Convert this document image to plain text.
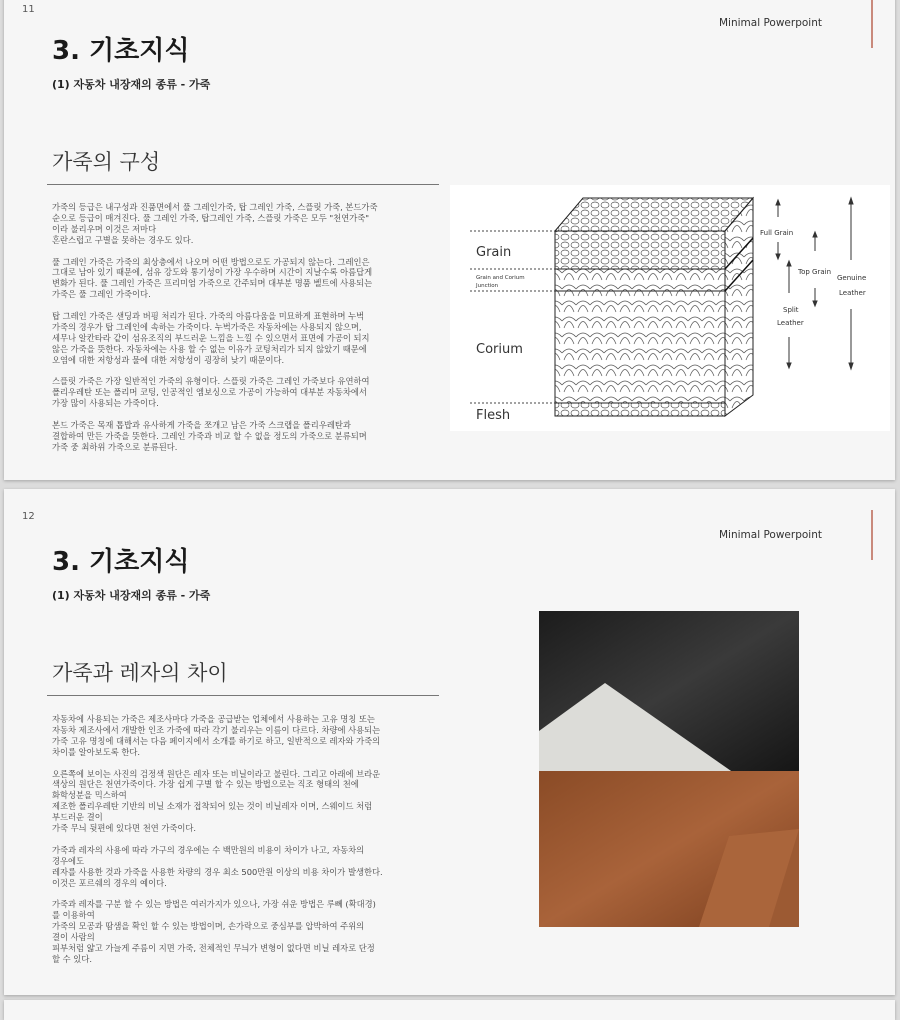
11
Minimal Powerpoint
3. 기초지식
(1) 자동차 내장재의 종류 - 가죽
가죽의 구성

가죽의 등급은 내구성과 진품면에서 풀 그레인가죽, 탑 그레인 가죽, 스플릿 가죽, 본드가죽
순으로 등급이 매겨진다. 풀 그레인 가죽, 탑그레인 가죽, 스플릿 가죽은 모두 "천연가죽"
이라 불리우며 이것은 저마다
혼란스럽고 구별을 못하는 경우도 있다.

풀 그레인 가죽은 가죽의 최상층에서 나오며 어떤 방법으로도 가공되지 않는다. 그레인은
그대로 남아 있기 때문에, 섬유 강도와 통기성이 가장 우수하며 시간이 지날수록 아름답게
변화가 된다. 풀 그레인 가죽은 프리미엄 가죽으로 간주되며 대부분 명품 벨트에 사용되는
가죽은 풀 그레인 가죽이다.

탑 그레인 가죽은 샌딩과 버핑 처리가 된다. 가죽의 아름다움을 미묘하게 표현하며 누벅
가죽의 경우가 탑 그레인에 속하는 가죽이다. 누벅가죽은 자동차에는 사용되지 않으며,
세무나 알칸타라 같이 섬유조직의 부드러운 느낌을 느낄 수 있으면서 표면에 가공이 되지
않은 가죽을 뜻한다. 자동차에는 사용 할 수 없는 이유가 코팅처리가 되지 않았기 때문에
오염에 대한 저항성과 물에 대한 저항성이 굉장히 낮기 때문이다.

스플릿 가죽은 가장 일반적인 가죽의 유형이다. 스플릿 가죽은 그레인 가죽보다 유연하여
폴리우레탄 또는 폴리머 코팅, 인공적인 엠보싱으로 가공이 가능하여 대부분 자동차에서
가장 많이 사용되는 가죽이다.

본드 가죽은 목재 톱밥과 유사하게 가죽을 쪼개고 남은 가죽 스크랩을 폴리우레탄과
결합하여 만든 가죽을 뜻한다. 그레인 가죽과 비교 할 수 없을 정도의 가죽으로 분류되며
가죽 중 최하위 가죽으로 분류된다.

Grain
Grain and Corium
Junction
Corium
Flesh
Full Grain
Top Grain
Split
Leather
Genuine
Leather
12
Minimal Powerpoint
3. 기초지식
(1) 자동차 내장재의 종류 - 가죽
가죽과 레자의 차이

자동차에 사용되는 가죽은 제조사마다 가죽을 공급받는 업체에서 사용하는 고유 명칭 또는
자동차 제조사에서 개발한 인조 가죽에 따라 각기 불리우는 이름이 다르다. 차량에 사용되는
가죽 고유 명칭에 대해서는 다음 페이지에서 소개를 하기로 하고, 일반적으로 레자와 가죽의
차이를 알아보도록 한다.

오른쪽에 보이는 사진의 검정색 원단은 레자 또는 비닐이라고 불린다. 그리고 아래에 브라운
색상의 원단은 천연가죽이다. 가장 쉽게 구별 할 수 있는 방법으로는 직조 형태의 천에
화학성분을 믹스하여
제조한 폴리우레탄 기반의 비닐 소재가 접착되어 있는 것이 비닐레자 이며, 스웨이드 처럼
부드러운 결이
가죽 무늬 뒷편에 있다면 천연 가죽이다.

가죽과 레자의 사용에 따라 가구의 경우에는 수 백만원의 비용이 차이가 나고, 자동차의
경우에도
레자를 사용한 것과 가죽을 사용한 차량의 경우 최소 500만원 이상의 비용 차이가 발생한다.
이것은 포르쉐의 경우의 예이다.

가죽과 레자를 구분 할 수 있는 방법은 여러가지가 있으나, 가장 쉬운 방법은 루뻬 (확대경)
를 이용하여
가죽의 모공과 땀샘을 확인 할 수 있는 방법이며, 손가락으로 중심부를 압박하여 주위의
결이 사람의
피부처럼 얇고 가늘게 주름이 지면 가죽, 전체적인 무늬가 변형이 없다면 비닐 레자로 단정
할 수 있다.
